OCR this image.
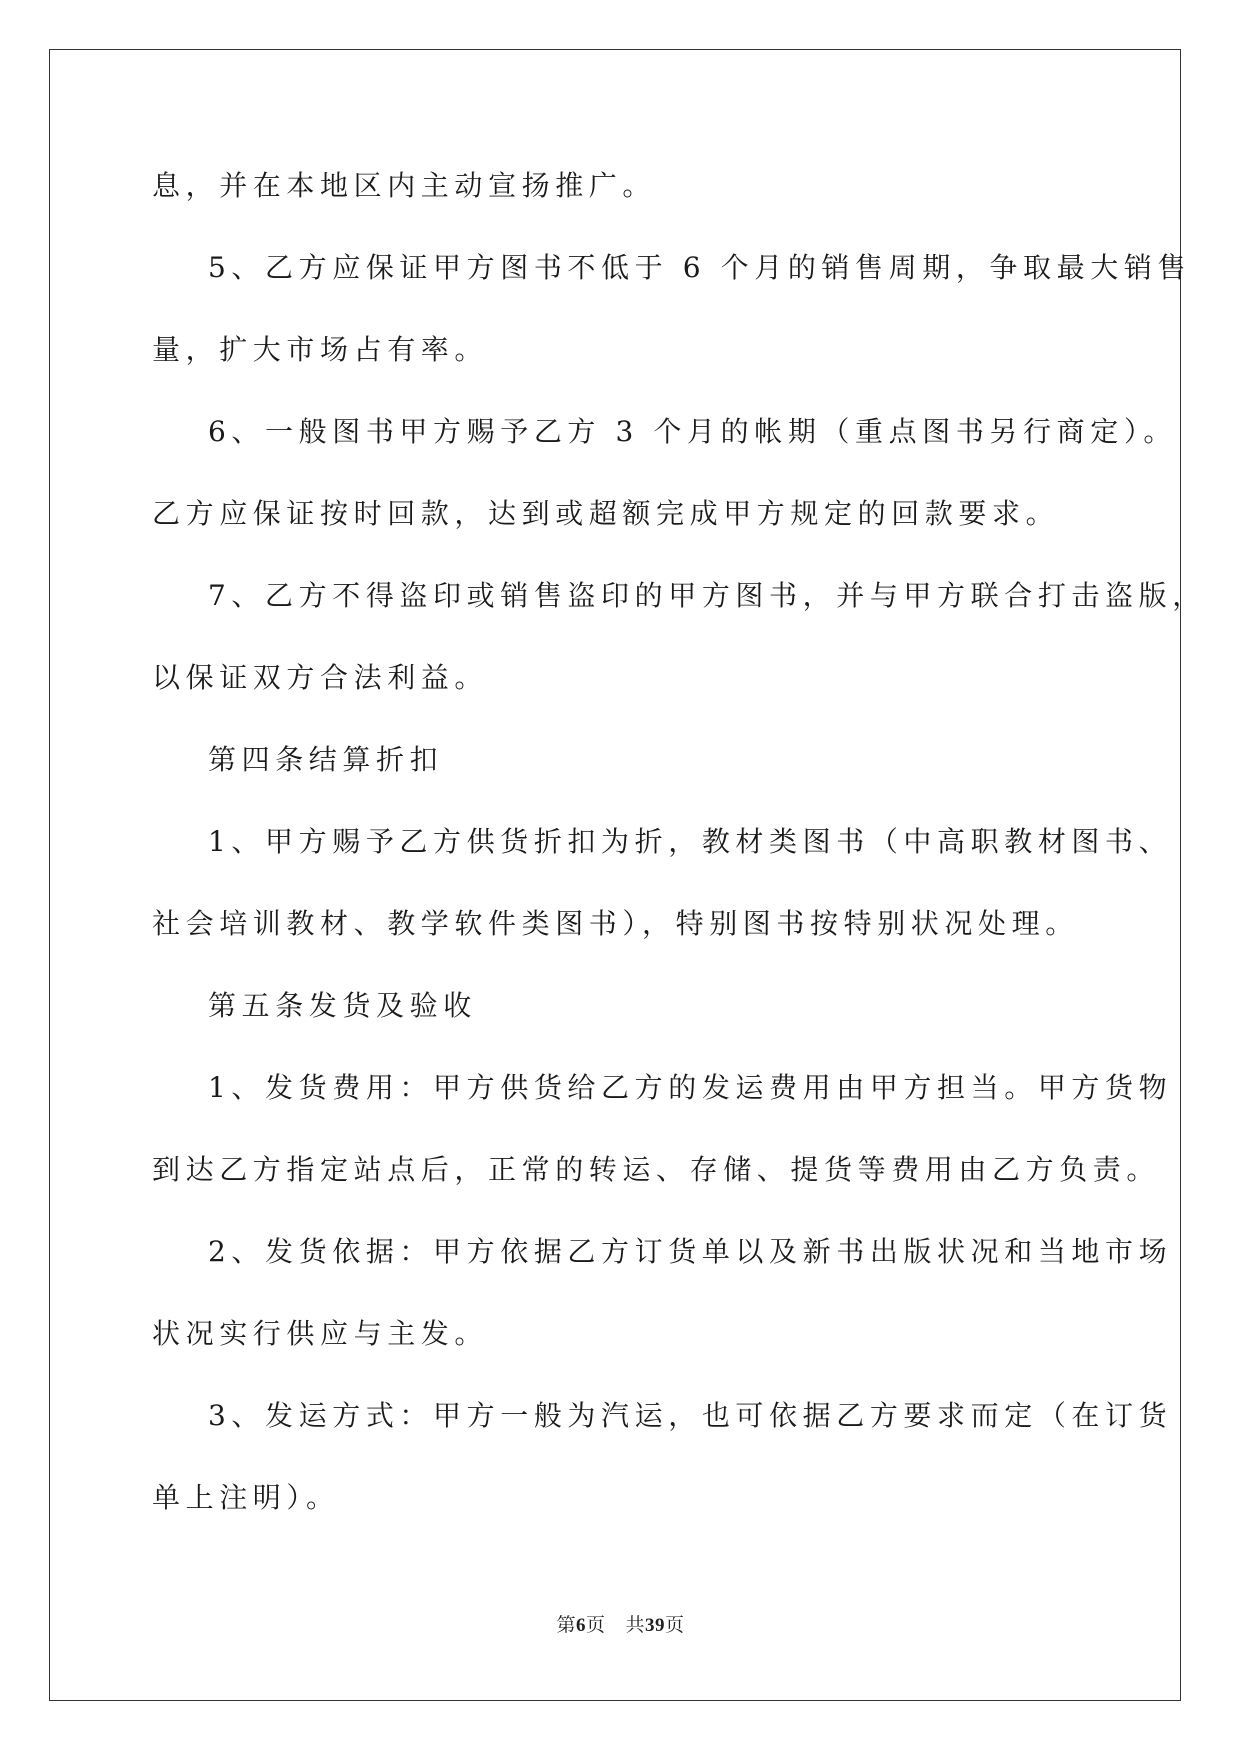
息，并在本地区内主动宣扬推广。
5、乙方应保证甲方图书不低于 6 个月的销售周期，争取最大销售
量，扩大市场占有率。
6、一般图书甲方赐予乙方 3 个月的帐期（重点图书另行商定）。
乙方应保证按时回款，达到或超额完成甲方规定的回款要求。
7、乙方不得盗印或销售盗印的甲方图书，并与甲方联合打击盗版，
以保证双方合法利益。
第四条结算折扣
1、甲方赐予乙方供货折扣为折，教材类图书（中高职教材图书、
社会培训教材、教学软件类图书），特别图书按特别状况处理。
第五条发货及验收
1、发货费用：甲方供货给乙方的发运费用由甲方担当。甲方货物
到达乙方指定站点后，正常的转运、存储、提货等费用由乙方负责。
2、发货依据：甲方依据乙方订货单以及新书出版状况和当地市场
状况实行供应与主发。
3、发运方式：甲方一般为汽运，也可依据乙方要求而定（在订货
单上注明）。
第6页 共39页
